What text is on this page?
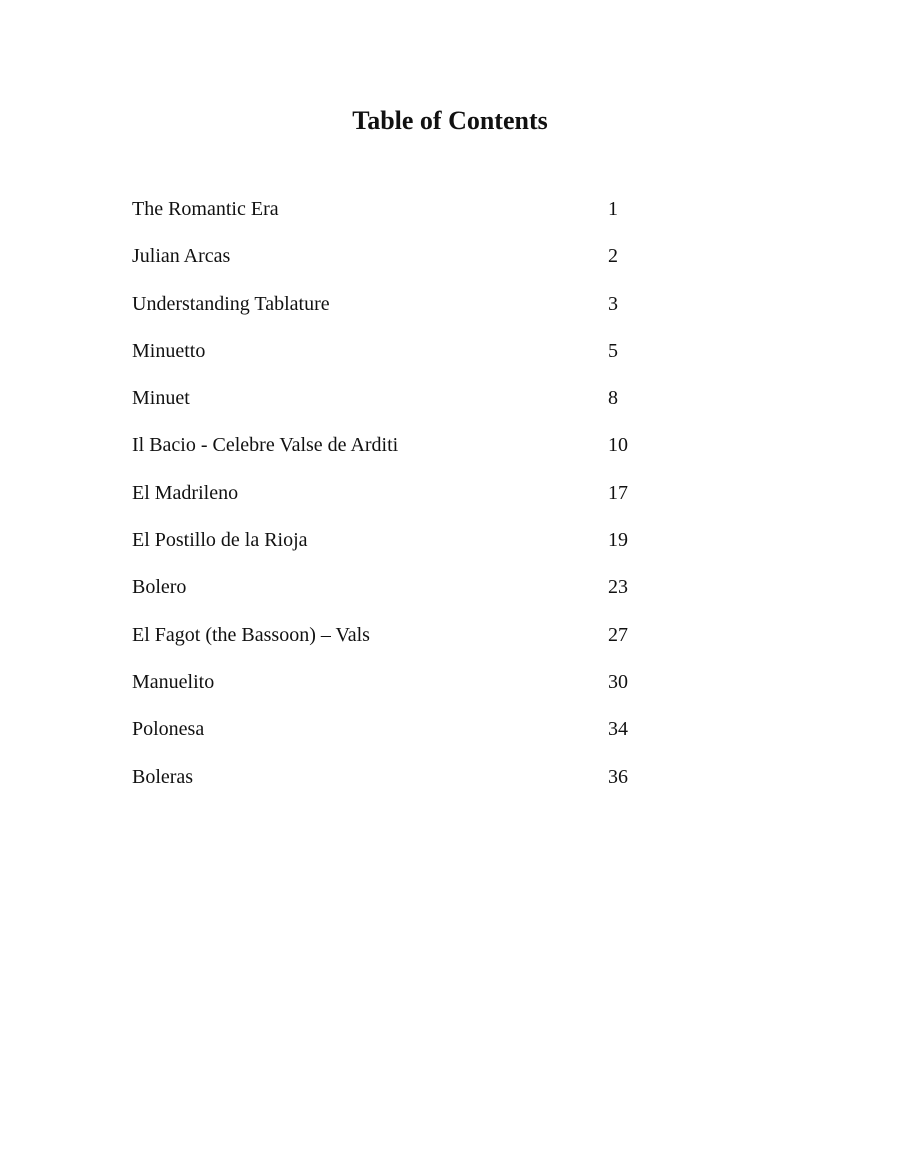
Table of Contents
The Romantic Era	1
Julian Arcas	2
Understanding Tablature	3
Minuetto	5
Minuet	8
Il Bacio - Celebre Valse de Arditi	10
El Madrileno	17
El Postillo de la Rioja	19
Bolero	23
El Fagot (the Bassoon) – Vals	27
Manuelito	30
Polonesa	34
Boleras	36
